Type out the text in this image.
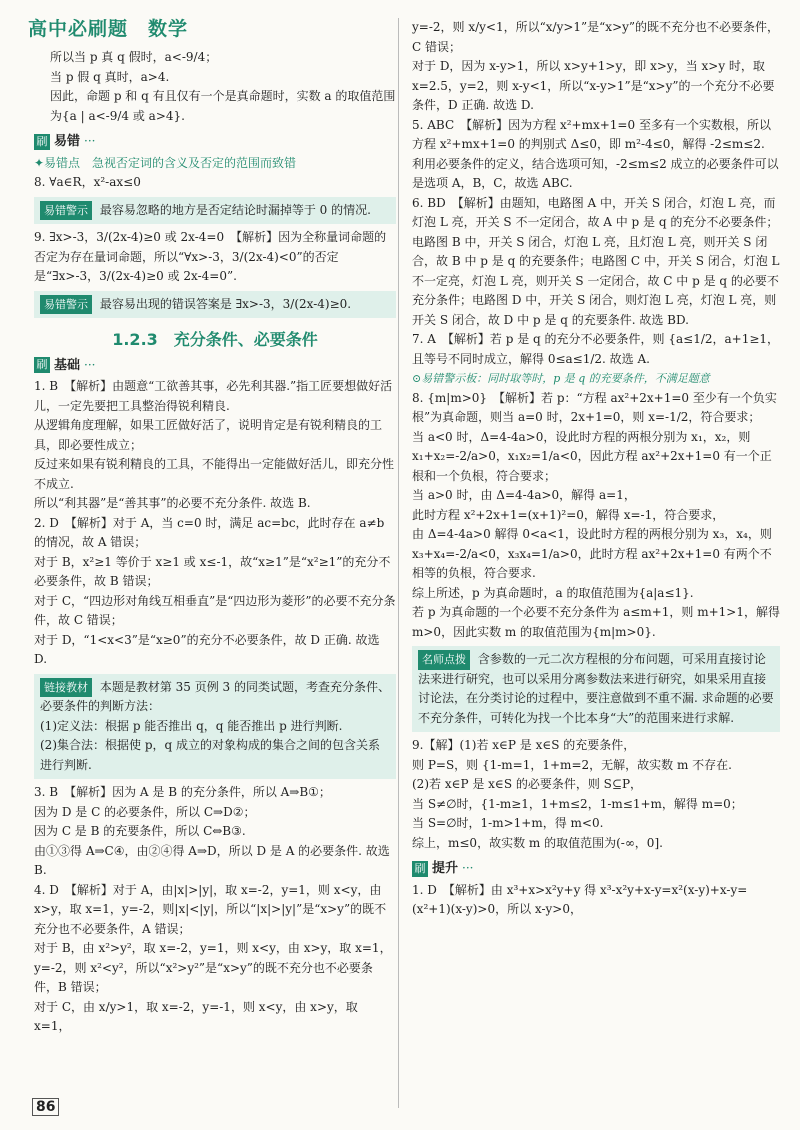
高中必刷题　数学

所以当 p 真 q 假时，a<-9/4；

当 p 假 q 真时，a>4.

因此，命题 p 和 q 有且仅有一个是真命题时，实数 a 的取值范围为{a | a<-9/4 或 a>4}.

刷 易错 ···

✦易错点　急视否定词的含义及否定的范围而致错

8. ∀a∈R，x²-ax≤0

易错警示 最容易忽略的地方是否定结论时漏掉等于 0 的情况.

9. ∃x>-3，3/(2x-4)≥0 或 2x-4=0　【解析】因为全称量词命题的否定为存在量词命题，所以“∀x>-3，3/(2x-4)<0”的否定是“∃x>-3，3/(2x-4)≥0 或 2x-4=0”.

易错警示 最容易出现的错误答案是 ∃x>-3，3/(2x-4)≥0.
1.2.3　充分条件、必要条件
刷 基础 ···

1. B　【解析】由题意“工欲善其事，必先利其器.”指工匠要想做好活儿，一定先要把工具整治得锐利精良.

从逻辑角度理解，如果工匠做好活了，说明肯定是有锐利精良的工具，即必要性成立；

反过来如果有锐利精良的工具，不能得出一定能做好活儿，即充分性不成立.

所以“利其器”是“善其事”的必要不充分条件. 故选 B.

2. D　【解析】对于 A，当 c=0 时，满足 ac=bc，此时存在 a≠b 的情况，故 A 错误；

对于 B，x²≥1 等价于 x≥1 或 x≤-1，故“x≥1”是“x²≥1”的充分不必要条件，故 B 错误；

对于 C，“四边形对角线互相垂直”是“四边形为菱形”的必要不充分条件，故 C 错误；

对于 D，“1<x<3”是“x≥0”的充分不必要条件，故 D 正确. 故选 D.

链接教材 本题是教材第 35 页例 3 的同类试题，考查充分条件、必要条件的判断方法：

(1)定义法：根据 p 能否推出 q，q 能否推出 p 进行判断.

(2)集合法：根据使 p，q 成立的对象构成的集合之间的包含关系进行判断.

3. B　【解析】因为 A 是 B 的充分条件，所以 A⇒B①；

因为 D 是 C 的必要条件，所以 C⇒D②；

因为 C 是 B 的充要条件，所以 C⇔B③.

由①③得 A⇒C④，由②④得 A⇒D，所以 D 是 A 的必要条件. 故选 B.

4. D　【解析】对于 A，由|x|>|y|，取 x=-2，y=1，则 x<y，由 x>y，取 x=1，y=-2，则|x|<|y|，所以“|x|>|y|”是“x>y”的既不充分也不必要条件，A 错误；

对于 B，由 x²>y²，取 x=-2，y=1，则 x<y，由 x>y，取 x=1，y=-2，则 x²<y²，所以“x²>y²”是“x>y”的既不充分也不必要条件，B 错误；

对于 C，由 x/y>1，取 x=-2，y=-1，则 x<y，由 x>y，取 x=1，

y=-2，则 x/y<1，所以“x/y>1”是“x>y”的既不充分也不必要条件，C 错误；

对于 D，因为 x-y>1，所以 x>y+1>y，即 x>y，当 x>y 时，取 x=2.5，y=2，则 x-y<1，所以“x-y>1”是“x>y”的一个充分不必要条件，D 正确. 故选 D.

5. ABC　【解析】因为方程 x²+mx+1=0 至多有一个实数根，所以方程 x²+mx+1=0 的判别式 Δ≤0，即 m²-4≤0，解得 -2≤m≤2. 利用必要条件的定义，结合选项可知，-2≤m≤2 成立的必要条件可以是选项 A，B，C，故选 ABC.

6. BD　【解析】由题知，电路图 A 中，开关 S 闭合，灯泡 L 亮，而灯泡 L 亮，开关 S 不一定闭合，故 A 中 p 是 q 的充分不必要条件；电路图 B 中，开关 S 闭合，灯泡 L 亮，且灯泡 L 亮，则开关 S 闭合，故 B 中 p 是 q 的充要条件；电路图 C 中，开关 S 闭合，灯泡 L 不一定亮，灯泡 L 亮，则开关 S 一定闭合，故 C 中 p 是 q 的必要不充分条件；电路图 D 中，开关 S 闭合，则灯泡 L 亮，灯泡 L 亮，则开关 S 闭合，故 D 中 p 是 q 的充要条件. 故选 BD.

7. A　【解析】若 p 是 q 的充分不必要条件，则 {a≤1/2，a+1≥1，且等号不同时成立，解得 0≤a≤1/2. 故选 A.

⊙易错警示板：同时取等时，p 是 q 的充要条件，不满足题意

8. {m|m>0}　【解析】若 p：“方程 ax²+2x+1=0 至少有一个负实根”为真命题，则当 a=0 时，2x+1=0，则 x=-1/2，符合要求；

当 a<0 时，Δ=4-4a>0，设此时方程的两根分别为 x₁，x₂，则 x₁+x₂=-2/a>0，x₁x₂=1/a<0，因此方程 ax²+2x+1=0 有一个正根和一个负根，符合要求；

当 a>0 时，由 Δ=4-4a>0，解得 a=1，

此时方程 x²+2x+1=(x+1)²=0，解得 x=-1，符合要求，

由 Δ=4-4a>0 解得 0<a<1，设此时方程的两根分别为 x₃，x₄，则 x₃+x₄=-2/a<0，x₃x₄=1/a>0，此时方程 ax²+2x+1=0 有两个不相等的负根，符合要求.

综上所述，p 为真命题时，a 的取值范围为{a|a≤1}.

若 p 为真命题的一个必要不充分条件为 a≤m+1，则 m+1>1，解得 m>0，因此实数 m 的取值范围为{m|m>0}.

名师点拨 含参数的一元二次方程根的分布问题，可采用直接讨论法来进行研究，也可以采用分离参数法来进行研究，如果采用直接讨论法，在分类讨论的过程中，要注意做到不重不漏. 求命题的必要不充分条件，可转化为找一个比本身“大”的范围来进行求解.

9.【解】(1)若 x∈P 是 x∈S 的充要条件，

则 P=S，则 {1-m=1，1+m=2，无解，故实数 m 不存在.

(2)若 x∈P 是 x∈S 的必要条件，则 S⊆P，

当 S≠∅时，{1-m≥1，1+m≤2，1-m≤1+m，解得 m=0；

当 S=∅时，1-m>1+m，得 m<0.

综上，m≤0，故实数 m 的取值范围为(-∞，0].

刷 提升 ···

1. D　【解析】由 x³+x>x²y+y 得 x³-x²y+x-y=x²(x-y)+x-y=(x²+1)(x-y)>0，所以 x-y>0，

86
